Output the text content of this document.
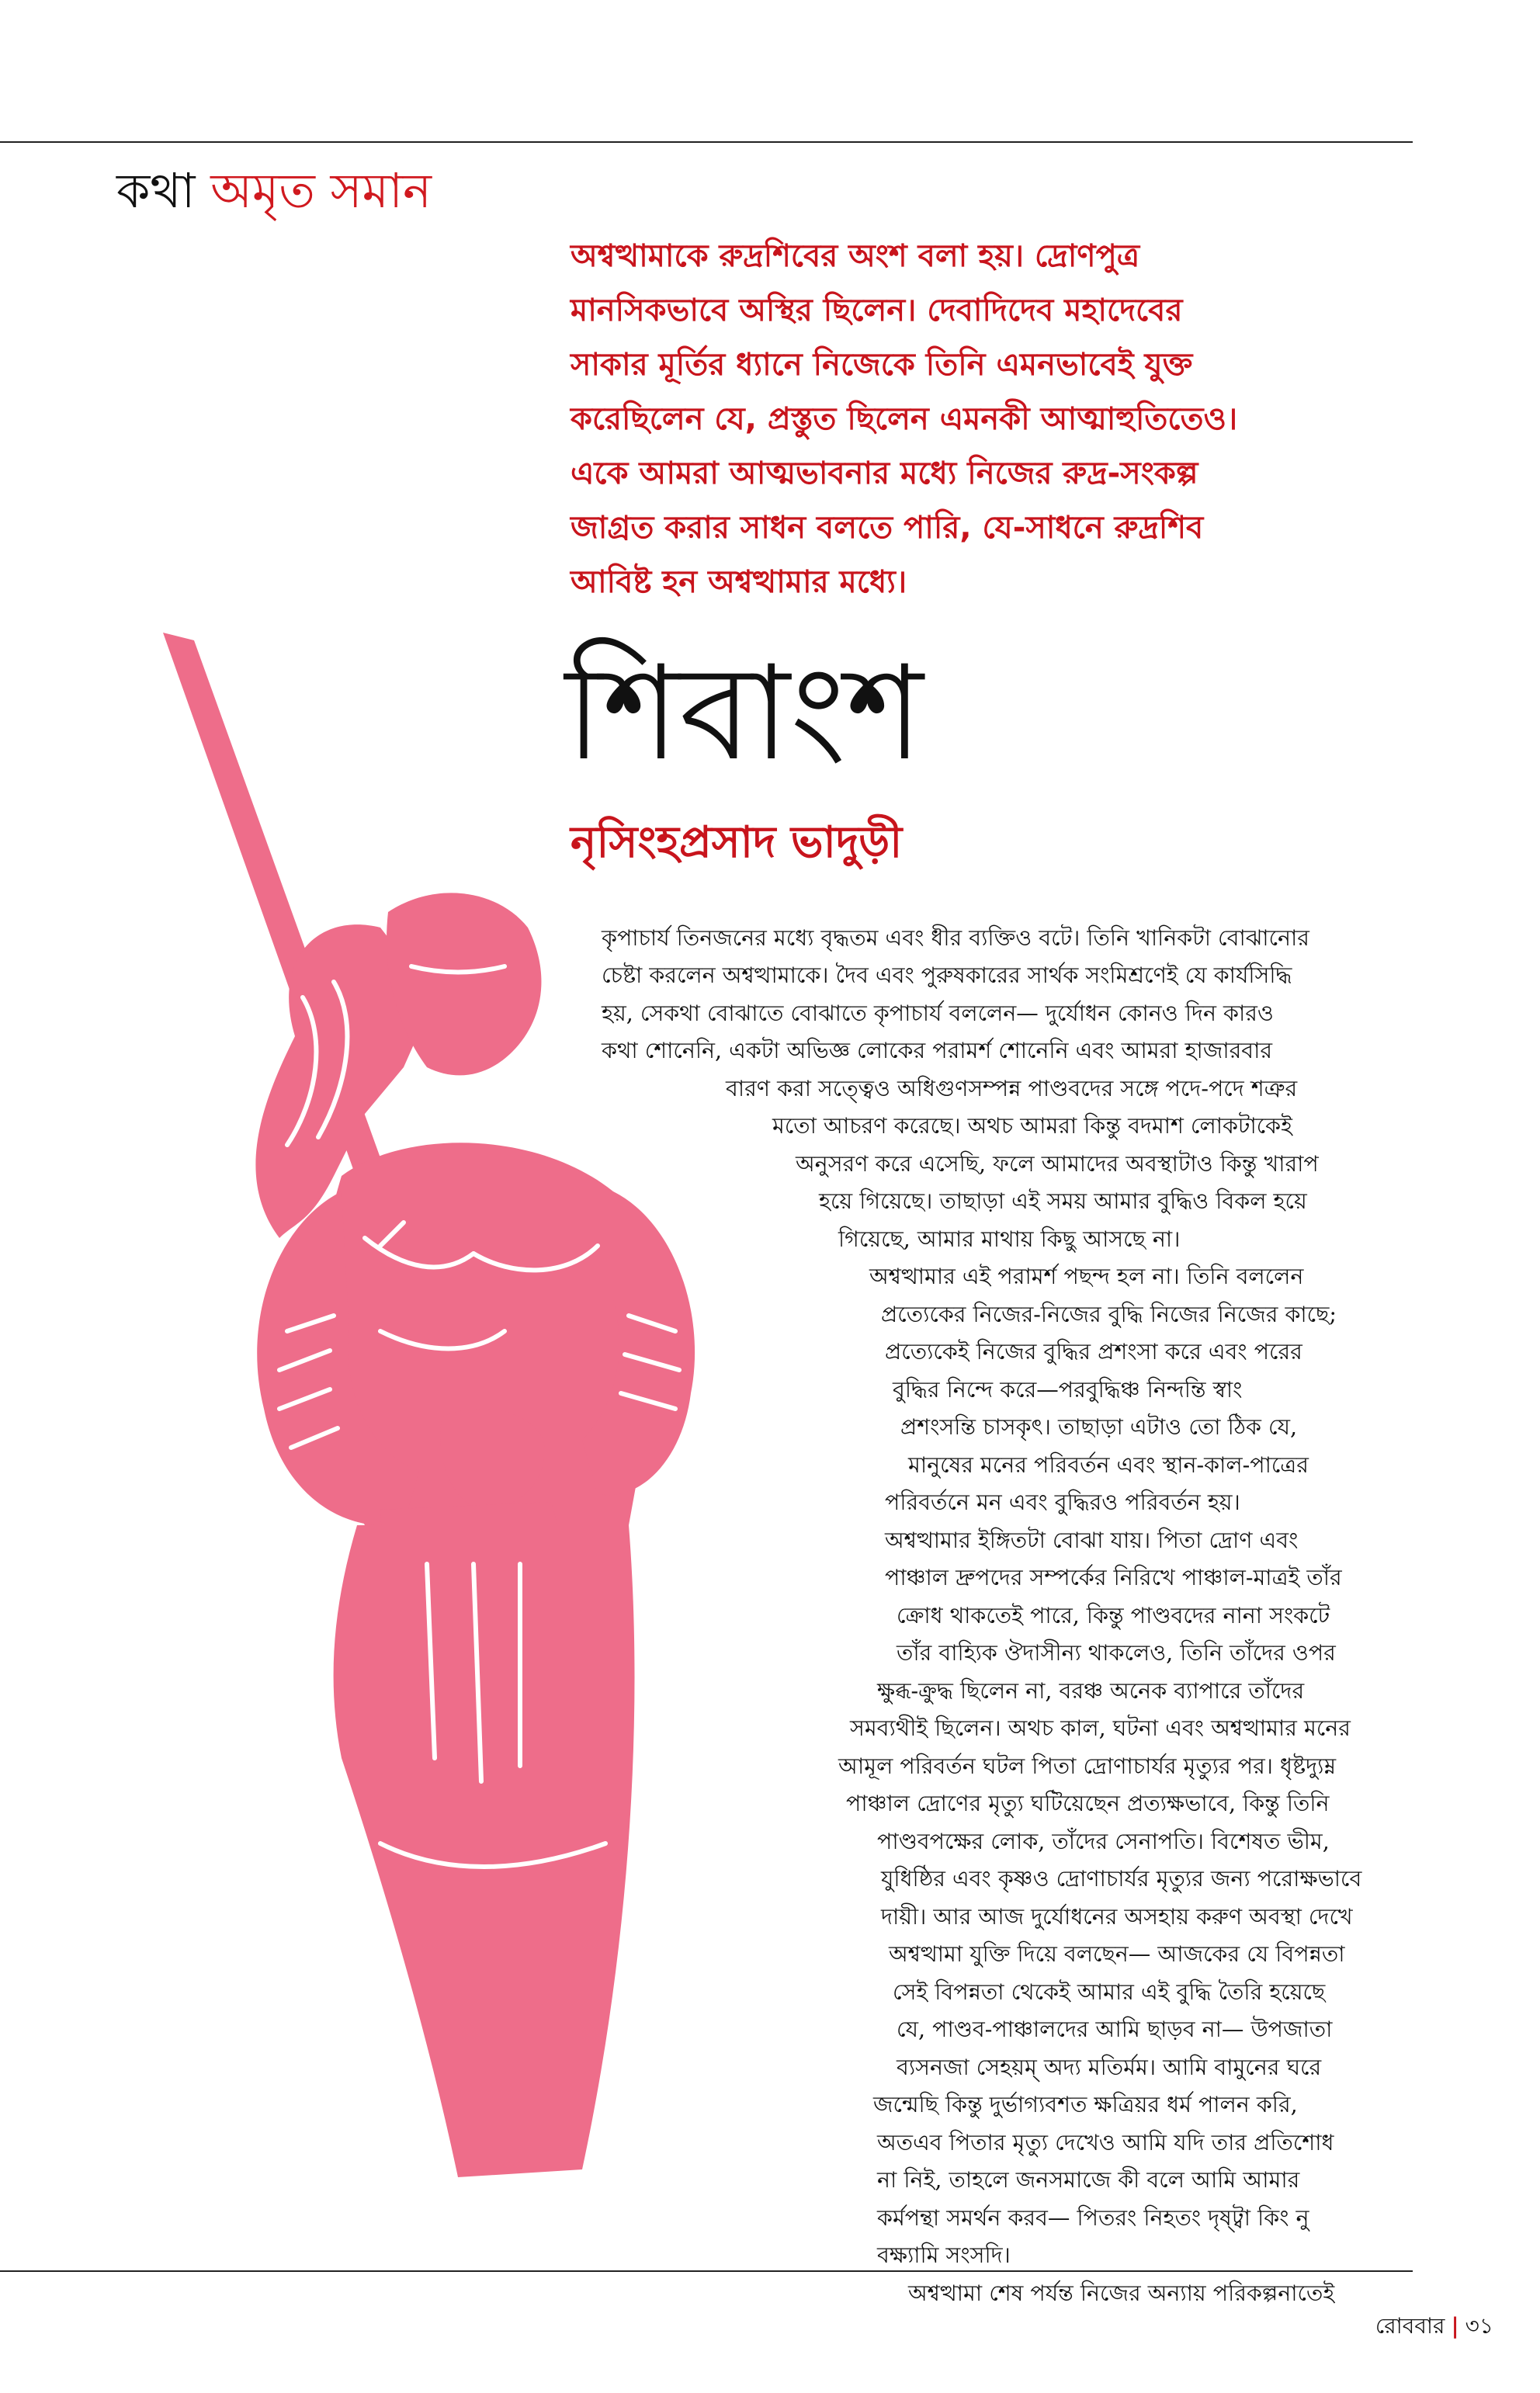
কথা অমৃত সমান
অশ্বত্থামাকে রুদ্রশিবের অংশ বলা হয়। দ্রোণপুত্র
মানসিকভাবে অস্থির ছিলেন। দেবাদিদেব মহাদেবের
সাকার মূর্তির ধ্যানে নিজেকে তিনি এমনভাবেই যুক্ত
করেছিলেন যে, প্রস্তুত ছিলেন এমনকী আত্মাহুতিতেও।
একে আমরা আত্মভাবনার মধ্যে নিজের রুদ্র-সংকল্প
জাগ্রত করার সাধন বলতে পারি, যে-সাধনে রুদ্রশিব
আবিষ্ট হন অশ্বত্থামার মধ্যে।
শিবাংশ
নৃসিংহপ্রসাদ ভাদুড়ী
কৃপাচার্য তিনজনের মধ্যে বৃদ্ধতম এবং ধীর ব্যক্তিও বটে। তিনি খানিকটা বোঝানোর
চেষ্টা করলেন অশ্বত্থামাকে। দৈব এবং পুরুষকারের সার্থক সংমিশ্রণেই যে কার্যসিদ্ধি
হয়, সেকথা বোঝাতে বোঝাতে কৃপাচার্য বললেন— দুর্যোধন কোনও দিন কারও
কথা শোনেনি, একটা অভিজ্ঞ লোকের পরামর্শ শোনেনি এবং আমরা হাজারবার
বারণ করা সত্ত্বেও অধিগুণসম্পন্ন পাণ্ডবদের সঙ্গে পদে-পদে শত্রুর
মতো আচরণ করেছে। অথচ আমরা কিন্তু বদমাশ লোকটাকেই
অনুসরণ করে এসেছি, ফলে আমাদের অবস্থাটাও কিন্তু খারাপ
হয়ে গিয়েছে। তাছাড়া এই সময় আমার বুদ্ধিও বিকল হয়ে
গিয়েছে, আমার মাথায় কিছু আসছে না।
অশ্বত্থামার এই পরামর্শ পছন্দ হল না। তিনি বললেন
প্রত্যেকের নিজের-নিজের বুদ্ধি নিজের নিজের কাছে;
প্রত্যেকেই নিজের বুদ্ধির প্রশংসা করে এবং পরের
বুদ্ধির নিন্দে করে—পরবুদ্ধিঞ্চ নিন্দন্তি স্বাং
প্রশংসন্তি চাসকৃৎ। তাছাড়া এটাও তো ঠিক যে,
মানুষের মনের পরিবর্তন এবং স্থান-কাল-পাত্রের
পরিবর্তনে মন এবং বুদ্ধিরও পরিবর্তন হয়।
অশ্বত্থামার ইঙ্গিতটা বোঝা যায়। পিতা দ্রোণ এবং
পাঞ্চাল দ্রুপদের সম্পর্কের নিরিখে পাঞ্চাল-মাত্রই তাঁর
ক্রোধ থাকতেই পারে, কিন্তু পাণ্ডবদের নানা সংকটে
তাঁর বাহ্যিক ঔদাসীন্য থাকলেও, তিনি তাঁদের ওপর
ক্ষুব্ধ-ক্রুদ্ধ ছিলেন না, বরঞ্চ অনেক ব্যাপারে তাঁদের
সমব্যথীই ছিলেন। অথচ কাল, ঘটনা এবং অশ্বত্থামার মনের
আমূল পরিবর্তন ঘটল পিতা দ্রোণাচার্যর মৃত্যুর পর। ধৃষ্টদ্যুম্ন
পাঞ্চাল দ্রোণের মৃত্যু ঘটিয়েছেন প্রত্যক্ষভাবে, কিন্তু তিনি
পাণ্ডবপক্ষের লোক, তাঁদের সেনাপতি। বিশেষত ভীম,
যুধিষ্ঠির এবং কৃষ্ণও দ্রোণাচার্যর মৃত্যুর জন্য পরোক্ষভাবে
দায়ী। আর আজ দুর্যোধনের অসহায় করুণ অবস্থা দেখে
অশ্বত্থামা যুক্তি দিয়ে বলছেন— আজকের যে বিপন্নতা
সেই বিপন্নতা থেকেই আমার এই বুদ্ধি তৈরি হয়েছে
যে, পাণ্ডব-পাঞ্চালদের আমি ছাড়ব না— উপজাতা
ব্যসনজা সেহয়ম্ অদ্য মতির্মম। আমি বামুনের ঘরে
জন্মেছি কিন্তু দুর্ভাগ্যবশত ক্ষত্রিয়র ধর্ম পালন করি,
অতএব পিতার মৃত্যু দেখেও আমি যদি তার প্রতিশোধ
না নিই, তাহলে জনসমাজে কী বলে আমি আমার
কর্মপন্থা সমর্থন করব— পিতরং নিহতং দৃষ্ট্বা কিং নু
বক্ষ্যামি সংসদি।
অশ্বত্থামা শেষ পর্যন্ত নিজের অন্যায় পরিকল্পনাতেই
রোববার | ৩১
